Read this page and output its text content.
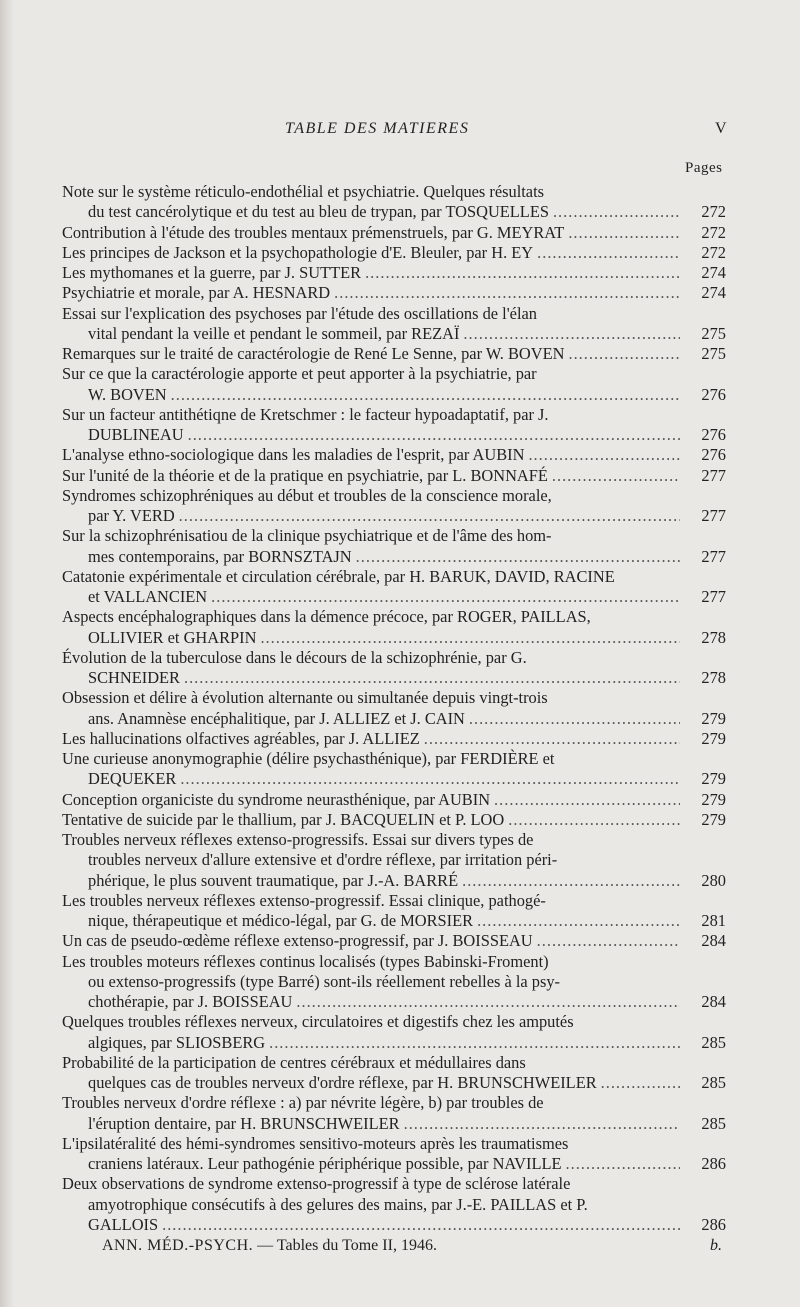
TABLE DES MATIERES	V
Pages
Note sur le système réticulo-endothélial et psychiatrie. Quelques résultats
du test cancérolytique et du test au bleu de trypan, par TOSQUELLES .....	272
Contribution à l'étude des troubles mentaux prémenstruels, par G. MEYRAT .....	272
Les principes de Jackson et la psychopathologie d'E. Bleuler, par H. EY .....	272
Les mythomanes et la guerre, par J. SUTTER .....	274
Psychiatrie et morale, par A. HESNARD .....	274
Essai sur l'explication des psychoses par l'étude des oscillations de l'élan
vital pendant la veille et pendant le sommeil, par REZAÏ .....	275
Remarques sur le traité de caractérologie de René Le Senne, par W. BOVEN .....	275
Sur ce que la caractérologie apporte et peut apporter à la psychiatrie, par
W. BOVEN .....	276
Sur un facteur antithétiqne de Kretschmer : le facteur hypoadaptatif, par J.
DUBLINEAU .....	276
L'analyse ethno-sociologique dans les maladies de l'esprit, par AUBIN .....	276
Sur l'unité de la théorie et de la pratique en psychiatrie, par L. BONNAFÉ .....	277
Syndromes schizophréniques au début et troubles de la conscience morale,
par Y. VERD .....	277
Sur la schizophrénisatiou de la clinique psychiatrique et de l'âme des hom-
mes contemporains, par BORNSZTAJN .....	277
Catatonie expérimentale et circulation cérébrale, par H. BARUK, DAVID, RACINE
et VALLANCIEN .....	277
Aspects encéphalographiques dans la démence précoce, par ROGER, PAILLAS,
OLLIVIER et GHARPIN .....	278
Évolution de la tuberculose dans le décours de la schizophrénie, par G.
SCHNEIDER .....	278
Obsession et délire à évolution alternante ou simultanée depuis vingt-trois
ans. Anamnèse encéphalitique, par J. ALLIEZ et J. CAIN .....	279
Les hallucinations olfactives agréables, par J. ALLIEZ .....	279
Une curieuse anonymographie (délire psychasthénique), par FERDIÈRE et
DEQUEKER .....	279
Conception organiciste du syndrome neurasthénique, par AUBIN .....	279
Tentative de suicide par le thallium, par J. BACQUELIN et P. LOO .....	279
Troubles nerveux réflexes extenso-progressifs. Essai sur divers types de
troubles nerveux d'allure extensive et d'ordre réflexe, par irritation péri-
phérique, le plus souvent traumatique, par J.-A. BARRÉ .....	280
Les troubles nerveux réflexes extenso-progressif. Essai clinique, pathogé-
nique, thérapeutique et médico-légal, par G. de MORSIER .....	281
Un cas de pseudo-œdème réflexe extenso-progressif, par J. BOISSEAU .....	284
Les troubles moteurs réflexes continus localisés (types Babinski-Froment)
ou extenso-progressifs (type Barré) sont-ils réellement rebelles à la psy-
chothérapie, par J. BOISSEAU .....	284
Quelques troubles réflexes nerveux, circulatoires et digestifs chez les amputés
algiques, par SLIOSBERG .....	285
Probabilité de la participation de centres cérébraux et médullaires dans
quelques cas de troubles nerveux d'ordre réflexe, par H. BRUNSCHWEILER .....	285
Troubles nerveux d'ordre réflexe : a) par névrite légère, b) par troubles de
l'éruption dentaire, par H. BRUNSCHWEILER .....	285
L'ipsilatéralité des hémi-syndromes sensitivo-moteurs après les traumatismes
craniens latéraux. Leur pathogénie périphérique possible, par NAVILLE .....	286
Deux observations de syndrome extenso-progressif à type de sclérose latérale
amyotrophique consécutifs à des gelures des mains, par J.-E. PAILLAS et P.
GALLOIS .....	286
ANN. MÉD.-PSYCH. — Tables du Tome II, 1946.	b.
